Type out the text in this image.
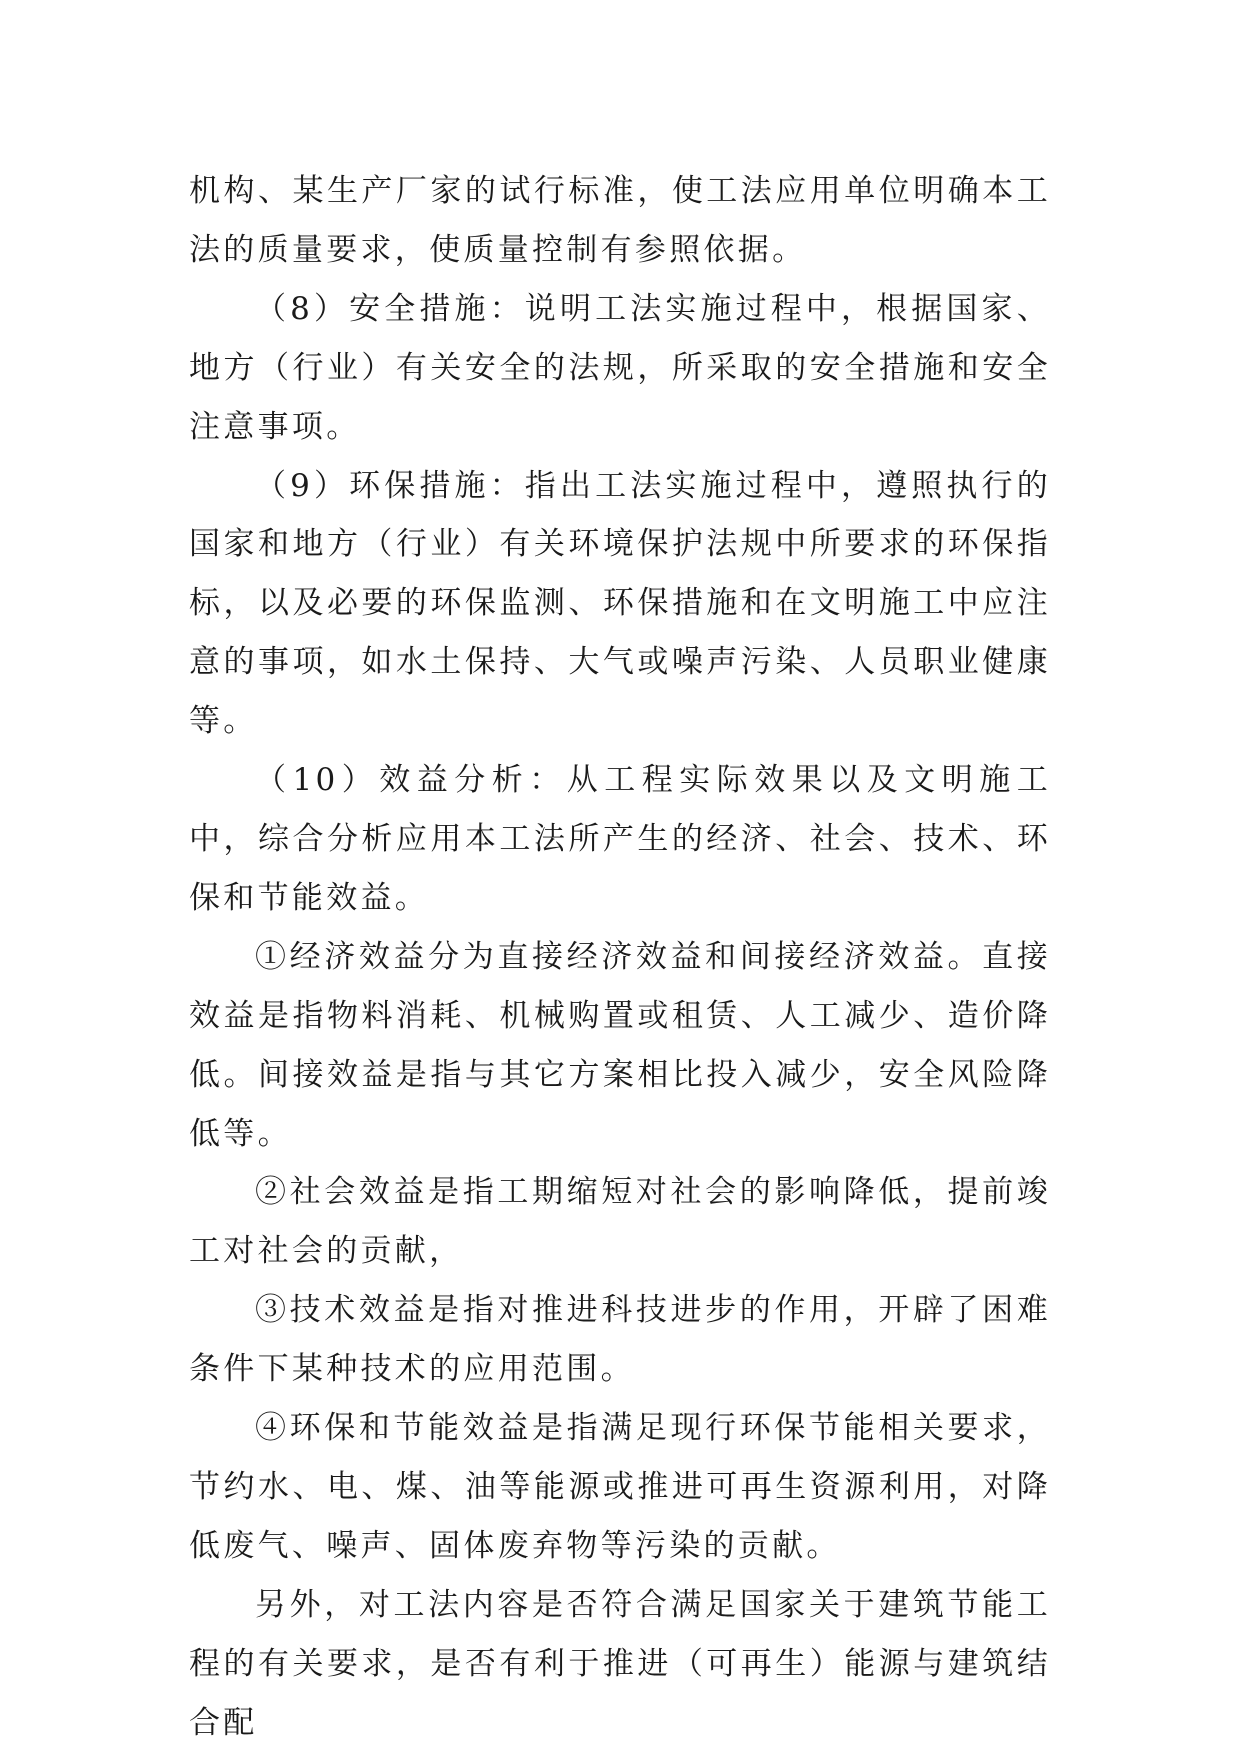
机构、某生产厂家的试行标准，使工法应用单位明确本工法的质量要求，使质量控制有参照依据。

（8）安全措施：说明工法实施过程中，根据国家、地方（行业）有关安全的法规，所采取的安全措施和安全注意事项。

（9）环保措施：指出工法实施过程中，遵照执行的国家和地方（行业）有关环境保护法规中所要求的环保指标，以及必要的环保监测、环保措施和在文明施工中应注意的事项，如水土保持、大气或噪声污染、人员职业健康等。

（10）效益分析：从工程实际效果以及文明施工中，综合分析应用本工法所产生的经济、社会、技术、环保和节能效益。

①经济效益分为直接经济效益和间接经济效益。直接效益是指物料消耗、机械购置或租赁、人工减少、造价降低。间接效益是指与其它方案相比投入减少，安全风险降低等。

②社会效益是指工期缩短对社会的影响降低，提前竣工对社会的贡献，

③技术效益是指对推进科技进步的作用，开辟了困难条件下某种技术的应用范围。

④环保和节能效益是指满足现行环保节能相关要求，节约水、电、煤、油等能源或推进可再生资源利用，对降低废气、噪声、固体废弃物等污染的贡献。

另外，对工法内容是否符合满足国家关于建筑节能工程的有关要求，是否有利于推进（可再生）能源与建筑结合配
